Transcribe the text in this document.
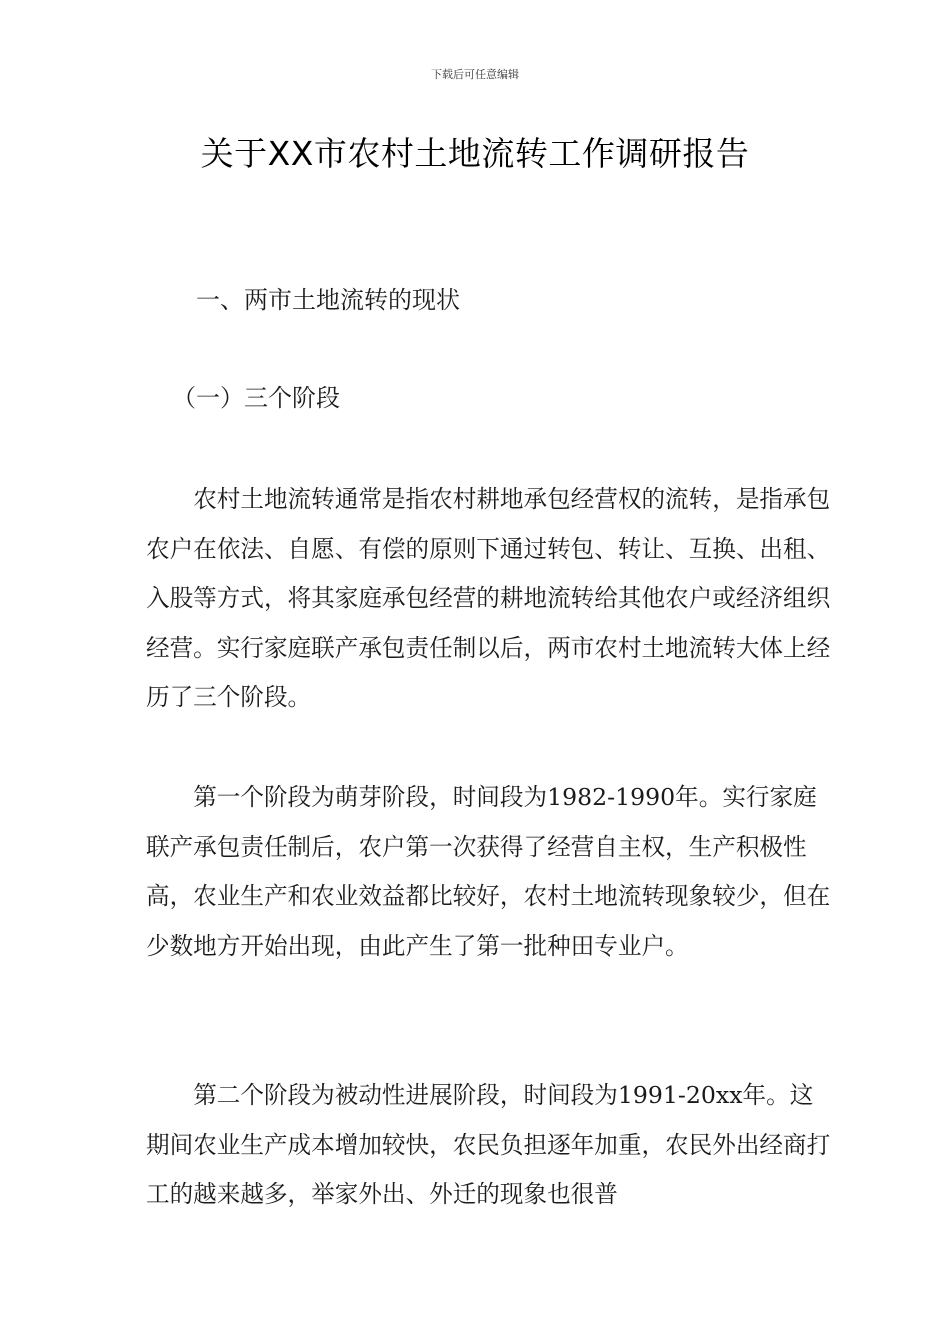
下载后可任意编辑
关于XX市农村土地流转工作调研报告
一、两市土地流转的现状
（一）三个阶段

农村土地流转通常是指农村耕地承包经营权的流转，是指承包农户在依法、自愿、有偿的原则下通过转包、转让、互换、出租、入股等方式，将其家庭承包经营的耕地流转给其他农户或经济组织经营。实行家庭联产承包责任制以后，两市农村土地流转大体上经历了三个阶段。

第一个阶段为萌芽阶段，时间段为1982-1990年。实行家庭联产承包责任制后，农户第一次获得了经营自主权，生产积极性高，农业生产和农业效益都比较好，农村土地流转现象较少，但在少数地方开始出现，由此产生了第一批种田专业户。

第二个阶段为被动性进展阶段，时间段为1991-20xx年。这期间农业生产成本增加较快，农民负担逐年加重，农民外出经商打工的越来越多，举家外出、外迁的现象也很普
